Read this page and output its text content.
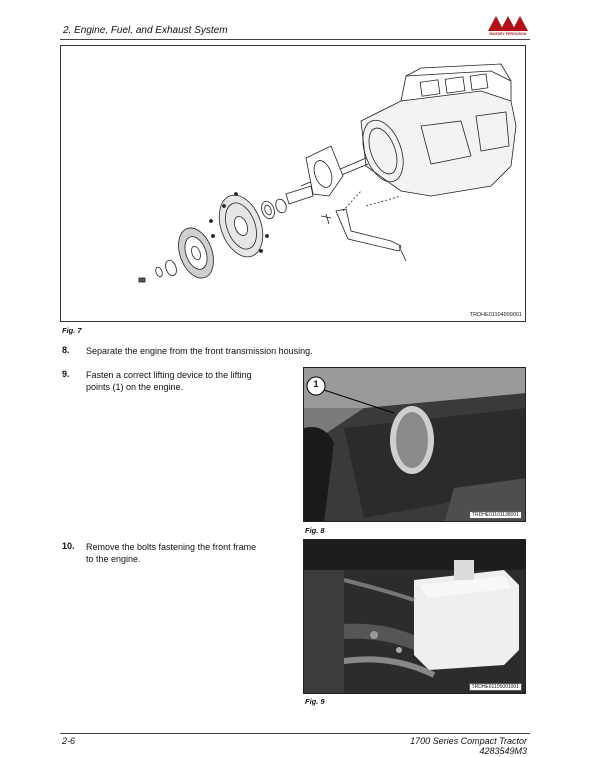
2. Engine, Fuel, and Exhaust System	MASSEY FERGUSON
TRDHE01104999001
Fig. 7
8. Separate the engine from the front transmission housing.
9. Fasten a correct lifting device to the lifting
points (1) on the engine.	1
TRDHE01101138001
Fig. 8
10. Remove the bolts fastening the front frame
to the engine.
TRDHE01105001001
Fig. 9
2-6	1700 Series Compact Tractor
4283549M3
